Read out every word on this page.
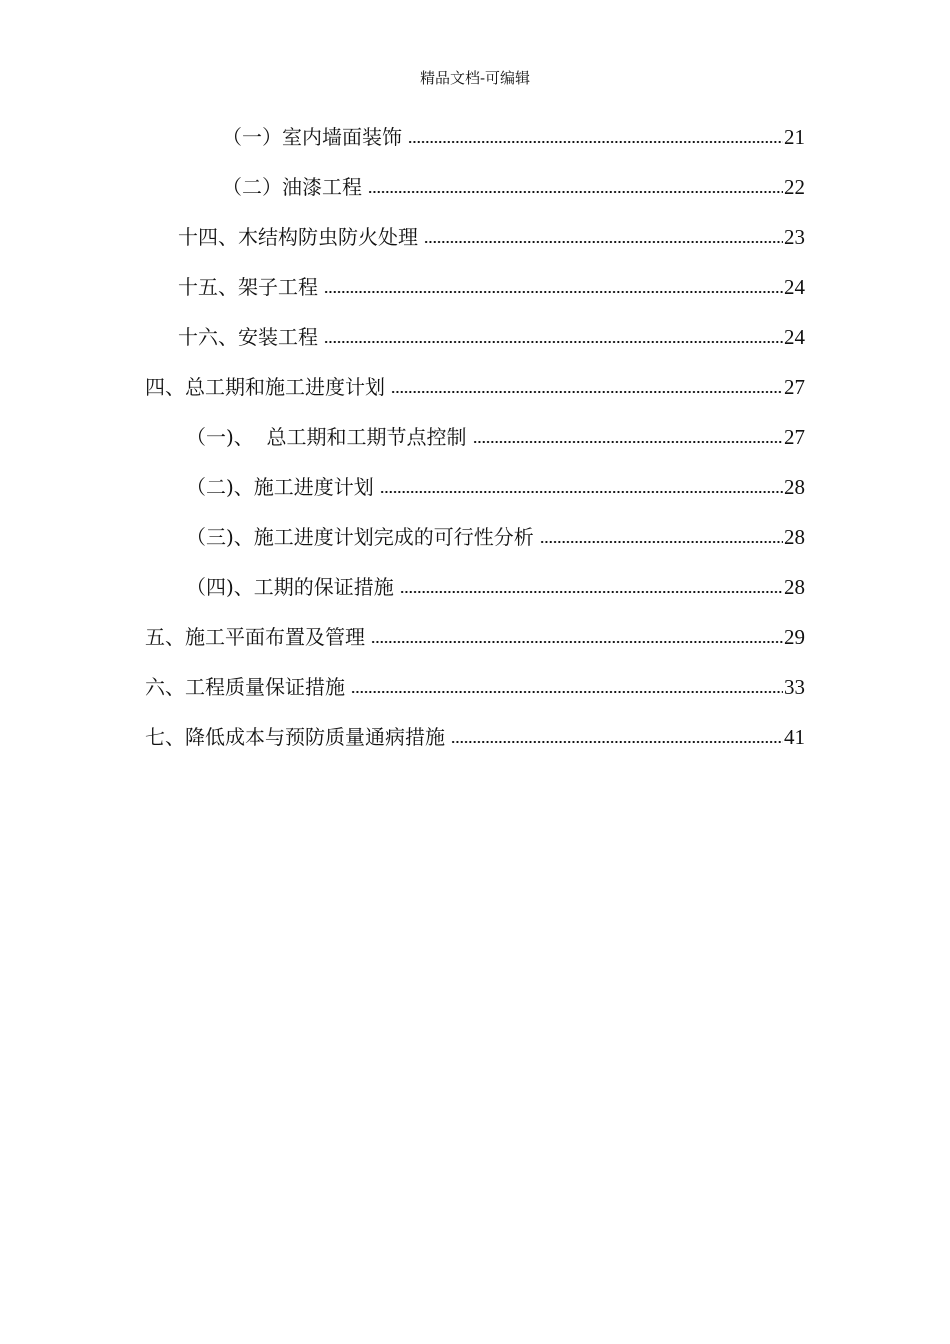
精品文档-可编辑
（一）室内墙面装饰	21
（二）油漆工程	22
十四、木结构防虫防火处理	23
十五、架子工程	24
十六、安装工程	24
四、总工期和施工进度计划	27
（一)、  总工期和工期节点控制	27
（二)、施工进度计划	28
（三)、施工进度计划完成的可行性分析	28
（四)、工期的保证措施	28
五、施工平面布置及管理	29
六、工程质量保证措施	33
七、降低成本与预防质量通病措施	41
